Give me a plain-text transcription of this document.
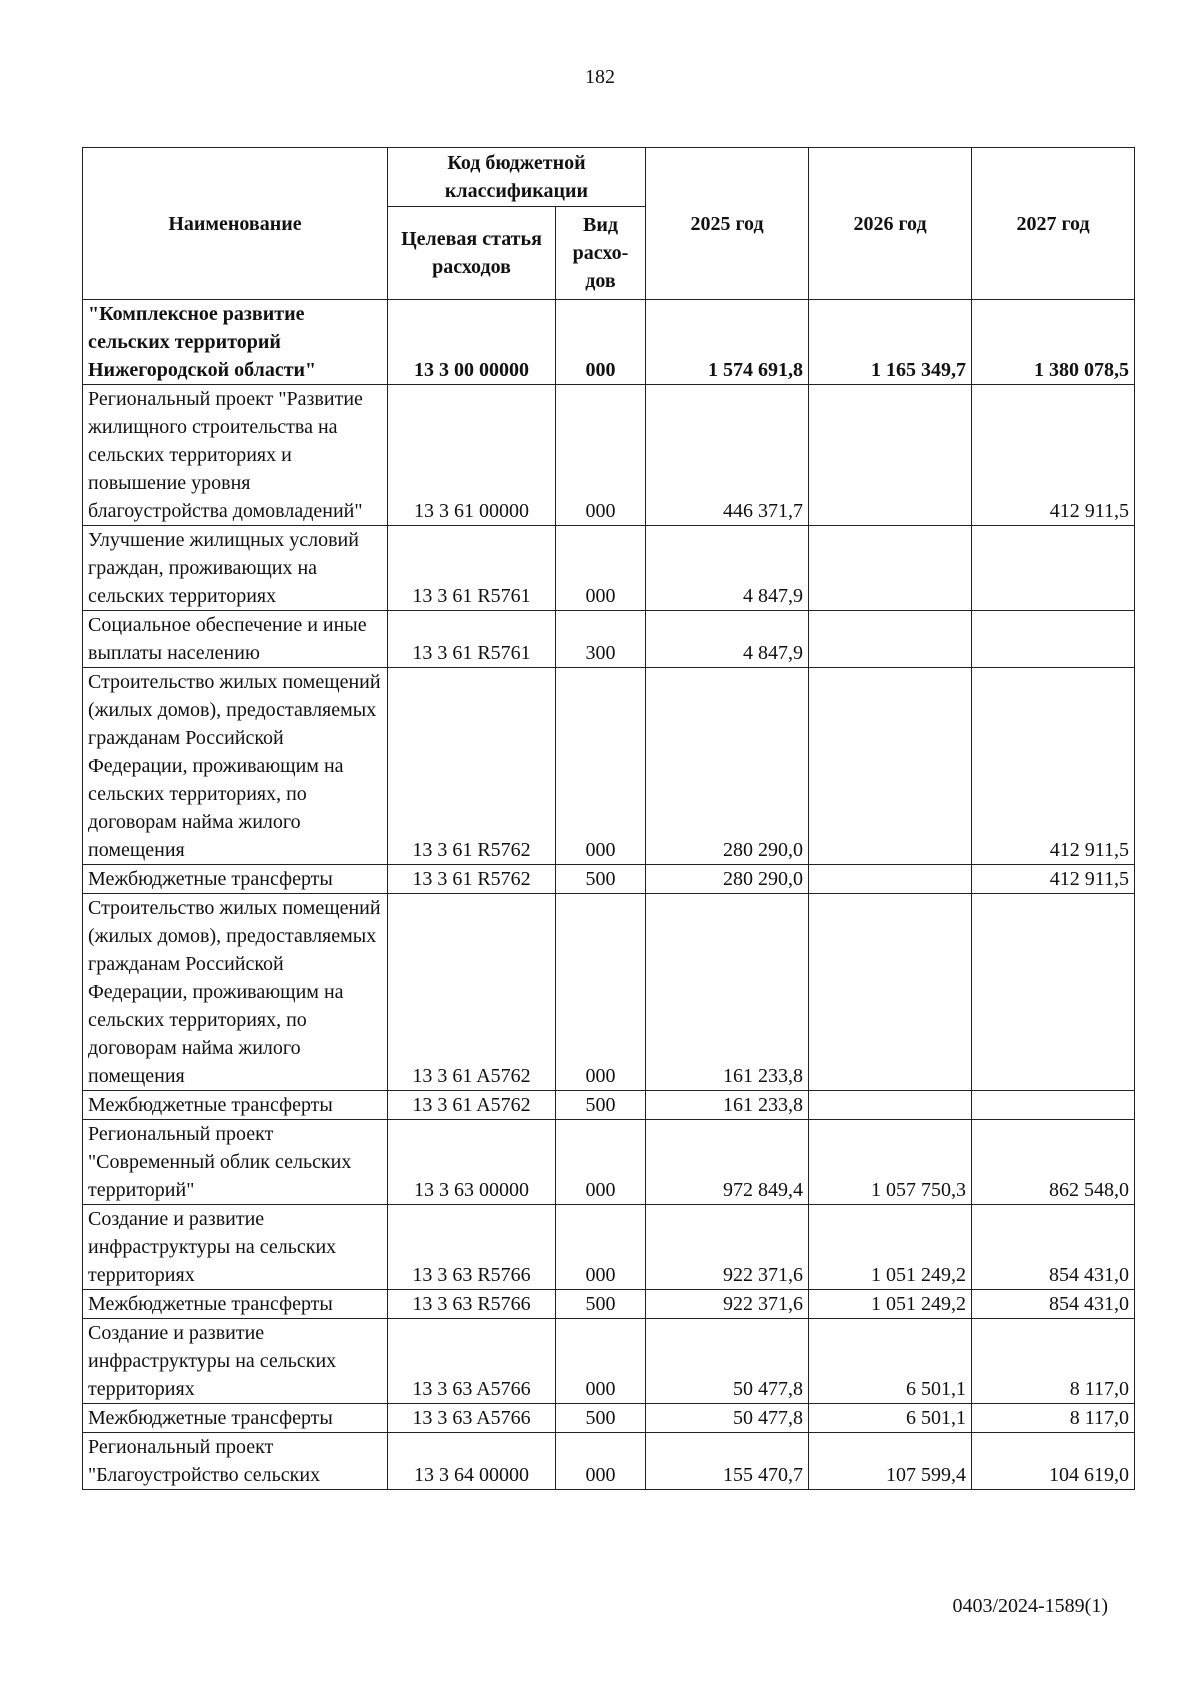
182
Наименование	Код бюджетной классификации		2025 год	2026 год	2027 год
	Целевая статья расходов	Вид расхо-дов			
"Комплексное развитие сельских территорий Нижегородской области"	13 3 00 00000	000	1 574 691,8	1 165 349,7	1 380 078,5
Региональный проект "Развитие жилищного строительства на сельских территориях и повышение уровня благоустройства домовладений"	13 3 61 00000	000	446 371,7		412 911,5
Улучшение жилищных условий граждан, проживающих на сельских территориях	13 3 61 R5761	000	4 847,9		
Социальное обеспечение и иные выплаты населению	13 3 61 R5761	300	4 847,9		
Строительство жилых помещений (жилых домов), предоставляемых гражданам Российской Федерации, проживающим на сельских территориях, по договорам найма жилого помещения	13 3 61 R5762	000	280 290,0		412 911,5
Межбюджетные трансферты	13 3 61 R5762	500	280 290,0		412 911,5
Строительство жилых помещений (жилых домов), предоставляемых гражданам Российской Федерации, проживающим на сельских территориях, по договорам найма жилого помещения	13 3 61 A5762	000	161 233,8		
Межбюджетные трансферты	13 3 61 A5762	500	161 233,8		
Региональный проект "Современный облик сельских территорий"	13 3 63 00000	000	972 849,4	1 057 750,3	862 548,0
Создание и развитие инфраструктуры на сельских территориях	13 3 63 R5766	000	922 371,6	1 051 249,2	854 431,0
Межбюджетные трансферты	13 3 63 R5766	500	922 371,6	1 051 249,2	854 431,0
Создание и развитие инфраструктуры на сельских территориях	13 3 63 A5766	000	50 477,8	6 501,1	8 117,0
Межбюджетные трансферты	13 3 63 A5766	500	50 477,8	6 501,1	8 117,0
Региональный проект "Благоустройство сельских	13 3 64 00000	000	155 470,7	107 599,4	104 619,0
0403/2024-1589(1)
